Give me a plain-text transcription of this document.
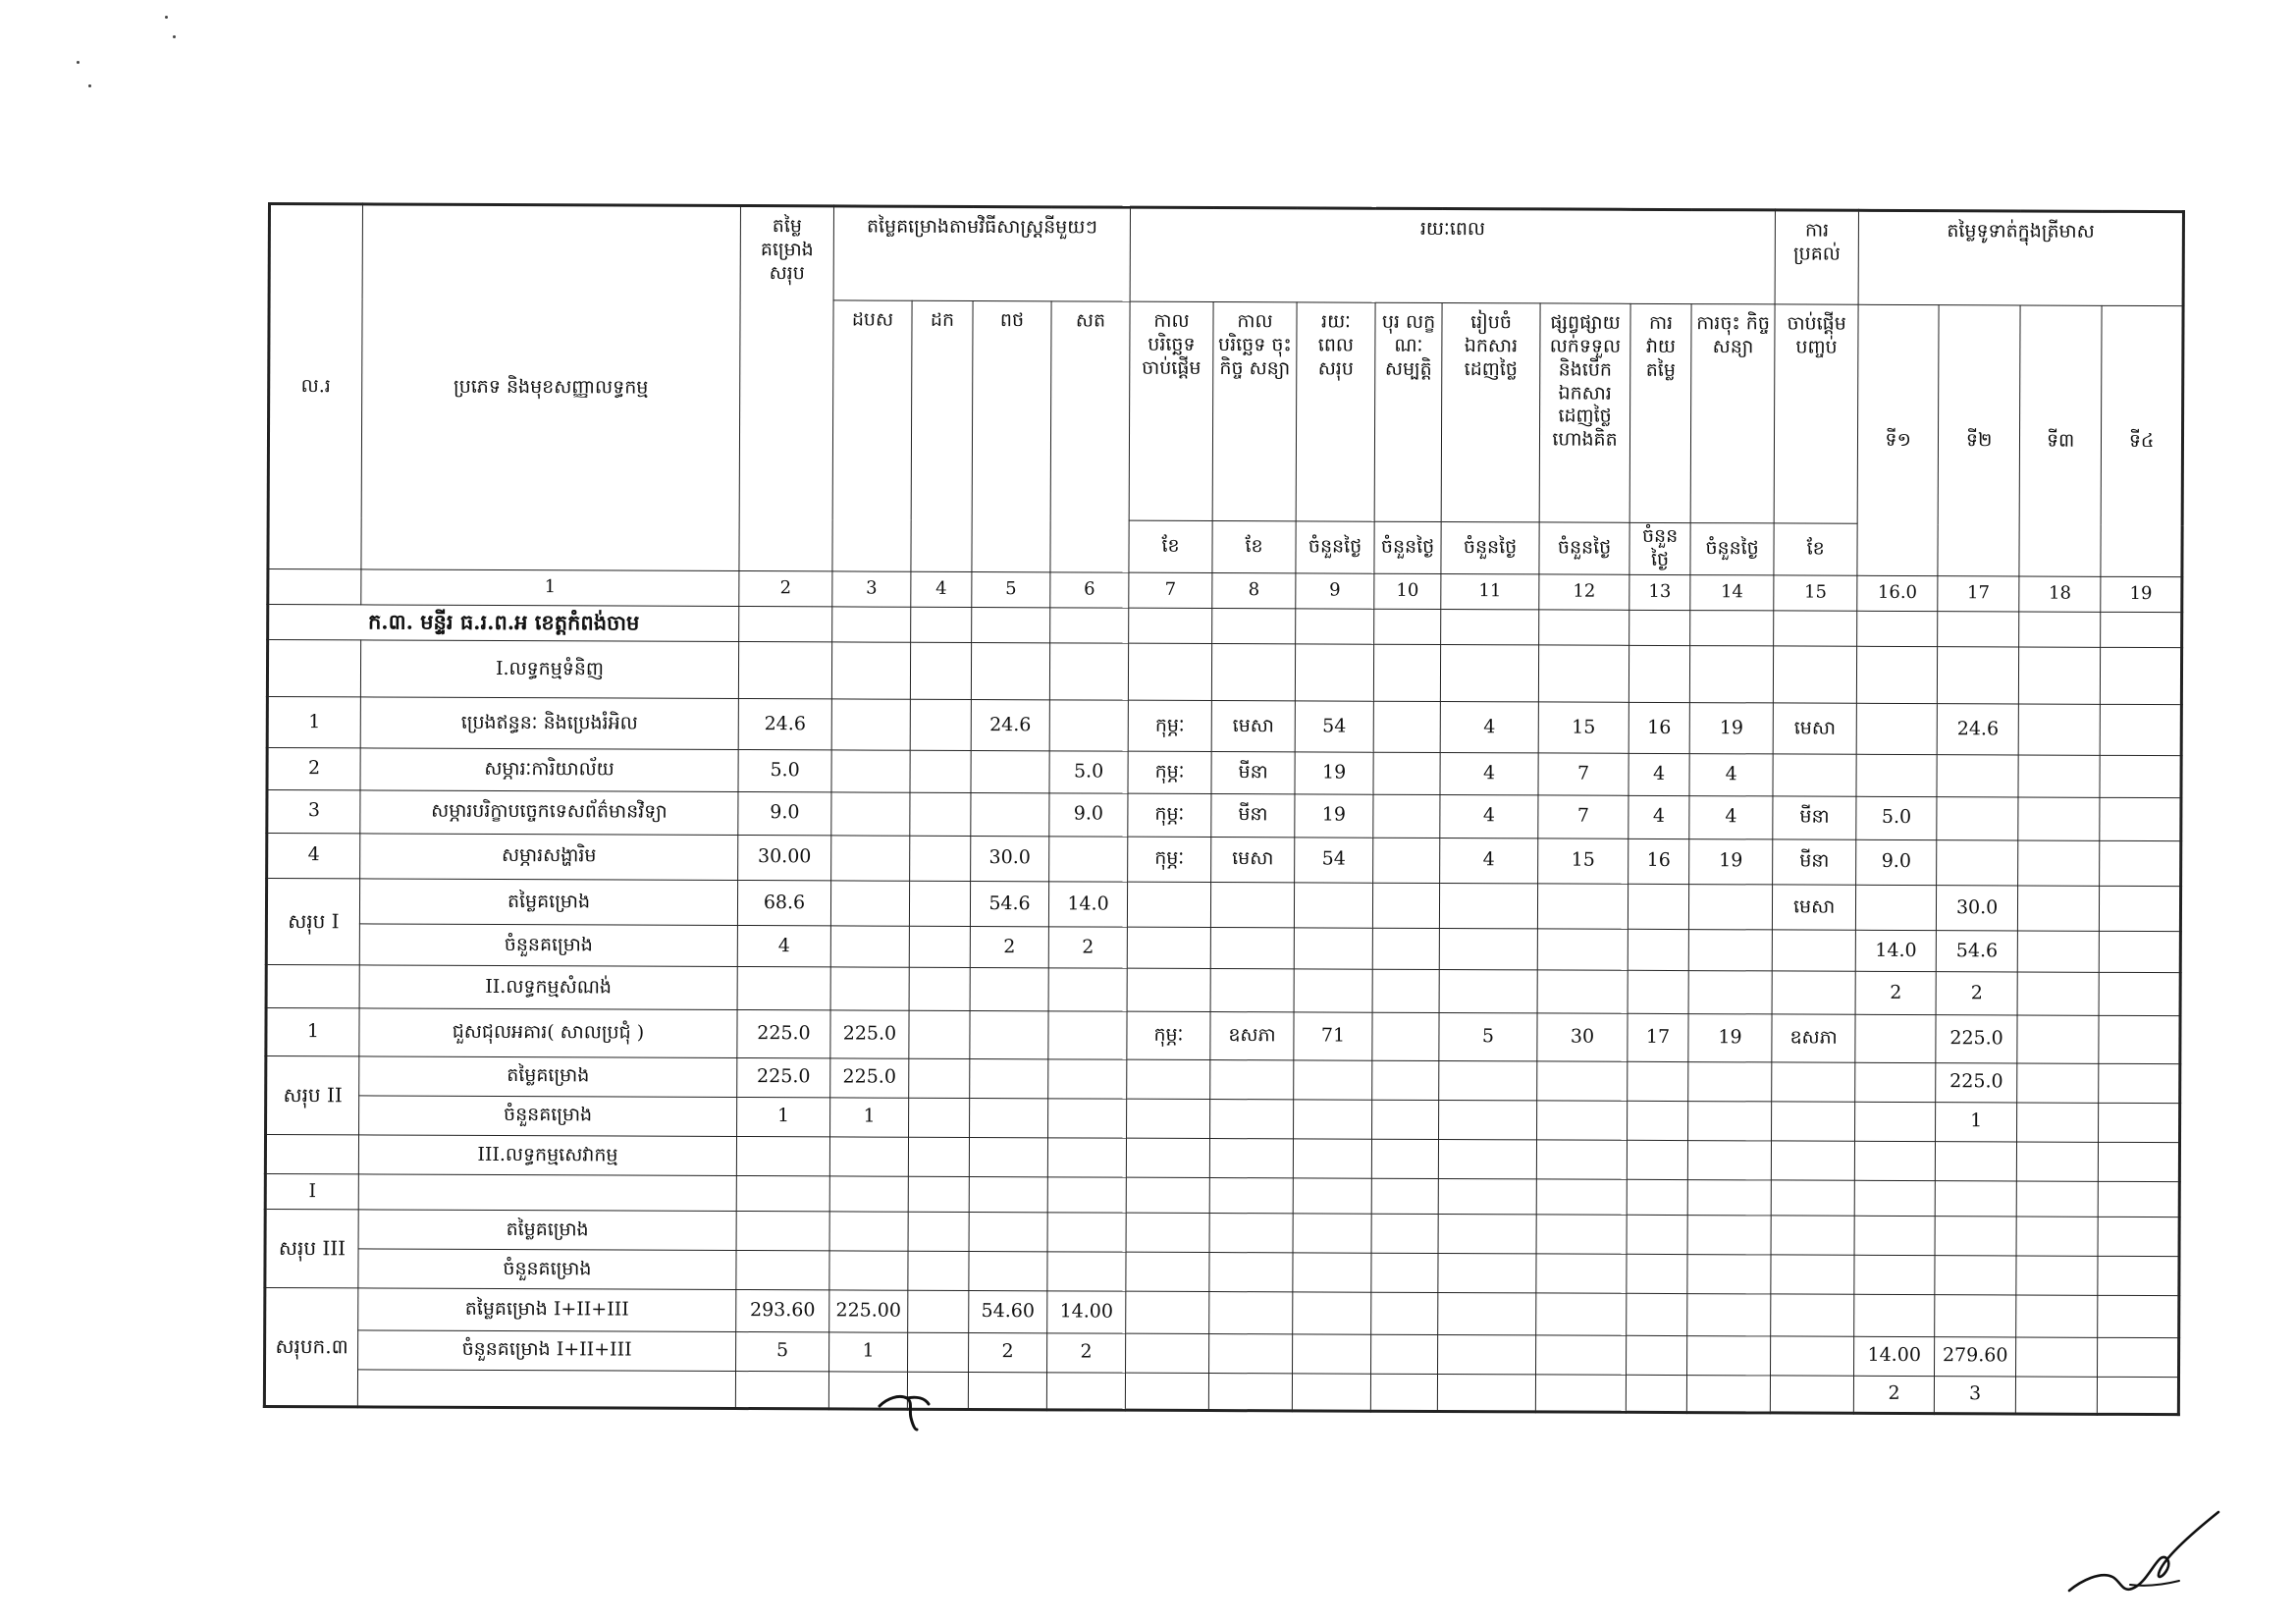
ល.រ	ប្រភេទ និងមុខសញ្ញាលទ្ធកម្ម	តម្លៃ គម្រោង សរុប	តម្លៃគម្រោងតាមវិធីសាស្ត្រនីមួយៗ				រយៈពេល								ការ ប្រគល់	តម្លៃទូទាត់ក្នុងត្រីមាស			
			ដបស	ដក	ពថ	សត	កាល បរិច្ឆេទ ចាប់ផ្តើម	កាល បរិច្ឆេទ ចុះកិច្ច សន្យា	រយៈ ពេល សរុប	បុរ លក្ខ ណៈ សម្បត្តិ	រៀបចំ ឯកសារ ដេញថ្លៃ	ផ្សព្វផ្សាយ លក់ទទួល និងបើក ឯកសារ ដេញថ្លៃ ហោងគិត	ការ វាយ តម្លៃ	ការចុះ កិច្ចសន្យា	ចាប់ផ្តើម បញ្ចប់	ទី១	ទី២	ទី៣	ទី៤
							ខែ	ខែ	ចំនួនថ្ងៃ	ចំនួនថ្ងៃ	ចំនួនថ្ងៃ	ចំនួនថ្ងៃ	ចំនួនថ្ងៃ	ចំនួនថ្ងៃ	ខែ				
	1	2	3	4	5	6	7	8	9	10	11	12	13	14	15	16.0	17	18	19
ក.៣. មន្ទីរ ធ.រ.ព.អ ខេត្តកំពង់ចាម																			
	I.លទ្ធកម្មទំនិញ																		
1	ប្រេងឥន្ធនៈ និងប្រេងរំអិល	24.6			24.6		កុម្ភៈ	មេសា	54		4	15	16	19	មេសា		24.6		
2	សម្ភារៈការិយាល័យ	5.0				5.0	កុម្ភៈ	មីនា	19		4	7	4	4					
3	សម្ភារបរិក្ខាបច្ចេកទេសព័ត៌មានវិទ្យា	9.0				9.0	កុម្ភៈ	មីនា	19		4	7	4	4	មីនា	5.0			
4	សម្ភារសង្ហារិម	30.00			30.0		កុម្ភៈ	មេសា	54		4	15	16	19	មីនា	9.0			
សរុប I	តម្លៃគម្រោង	68.6			54.6	14.0									មេសា		30.0		
	ចំនួនគម្រោង	4			2	2										14.0	54.6		
	II.លទ្ធកម្មសំណង់															2	2		
1	ជួសជុលអគារ( សាលប្រជុំ )	225.0	225.0				កុម្ភៈ	ឧសភា	71		5	30	17	19	ឧសភា		225.0		
សរុប II	តម្លៃគម្រោង	225.0	225.0														225.0		
	ចំនួនគម្រោង	1	1														1		
	III.លទ្ធកម្មសេវាកម្ម																		
I																			
សរុប III	តម្លៃគម្រោង																		
	ចំនួនគម្រោង																		
សរុបក.៣	តម្លៃគម្រោង I+II+III	293.60	225.00		54.60	14.00													
	ចំនួនគម្រោង I+II+III	5	1		2	2										14.00	279.60		
																2	3		
